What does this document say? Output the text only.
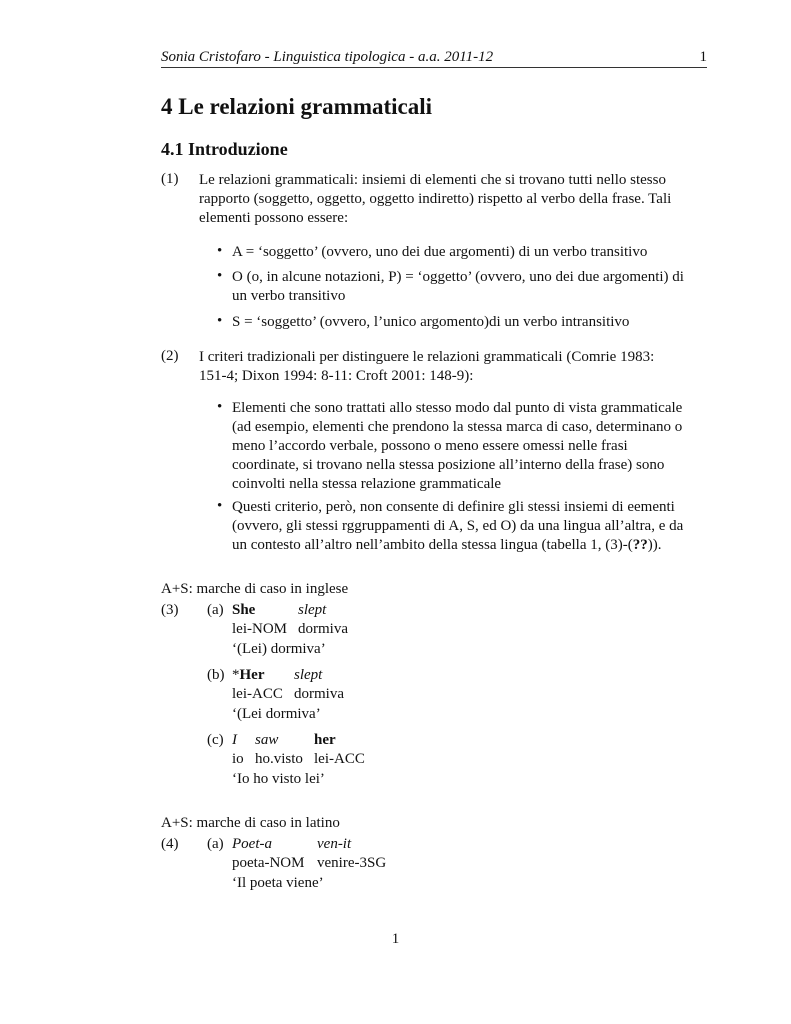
Sonia Cristofaro - Linguistica tipologica - a.a. 2011-12	1
4 Le relazioni grammaticali
4.1 Introduzione
(1) Le relazioni grammaticali: insiemi di elementi che si trovano tutti nello stesso
rapporto (soggetto, oggetto, oggetto indiretto) rispetto al verbo della frase. Tali
elementi possono essere:
• A = ‘soggetto’ (ovvero, uno dei due argomenti) di un verbo transitivo
• O (o, in alcune notazioni, P) = ‘oggetto’ (ovvero, uno dei due argomenti) di
un verbo transitivo
• S = ‘soggetto’ (ovvero, l’unico argomento)di un verbo intransitivo
(2) I criteri tradizionali per distinguere le relazioni grammaticali (Comrie 1983:
151-4; Dixon 1994: 8-11: Croft 2001: 148-9):
• Elementi che sono trattati allo stesso modo dal punto di vista grammaticale
(ad esempio, elementi che prendono la stessa marca di caso, determinano o
meno l’accordo verbale, possono o meno essere omessi nelle frasi
coordinate, si trovano nella stessa posizione all’interno della frase) sono
coinvolti nella stessa relazione grammaticale
• Questi criterio, però, non consente di definire gli stessi insiemi di eementi
(ovvero, gli stessi rggruppamenti di A, S, ed O) da una lingua all’altra, e da
un contesto all’altro nell’ambito della stessa lingua (tabella 1, (3)-(??)).
A+S: marche di caso in inglese
(3) (a) She	slept
lei-NOM dormiva
‘(Lei) dormiva’
(b) *Her slept
lei-ACC dormiva
‘(Lei dormiva’
(c) I saw her
io ho.visto lei-ACC
‘Io ho visto lei’
A+S: marche di caso in latino
(4) (a) Poet-a	ven-it
poeta-NOM venire-3SG
‘Il poeta viene’
1
